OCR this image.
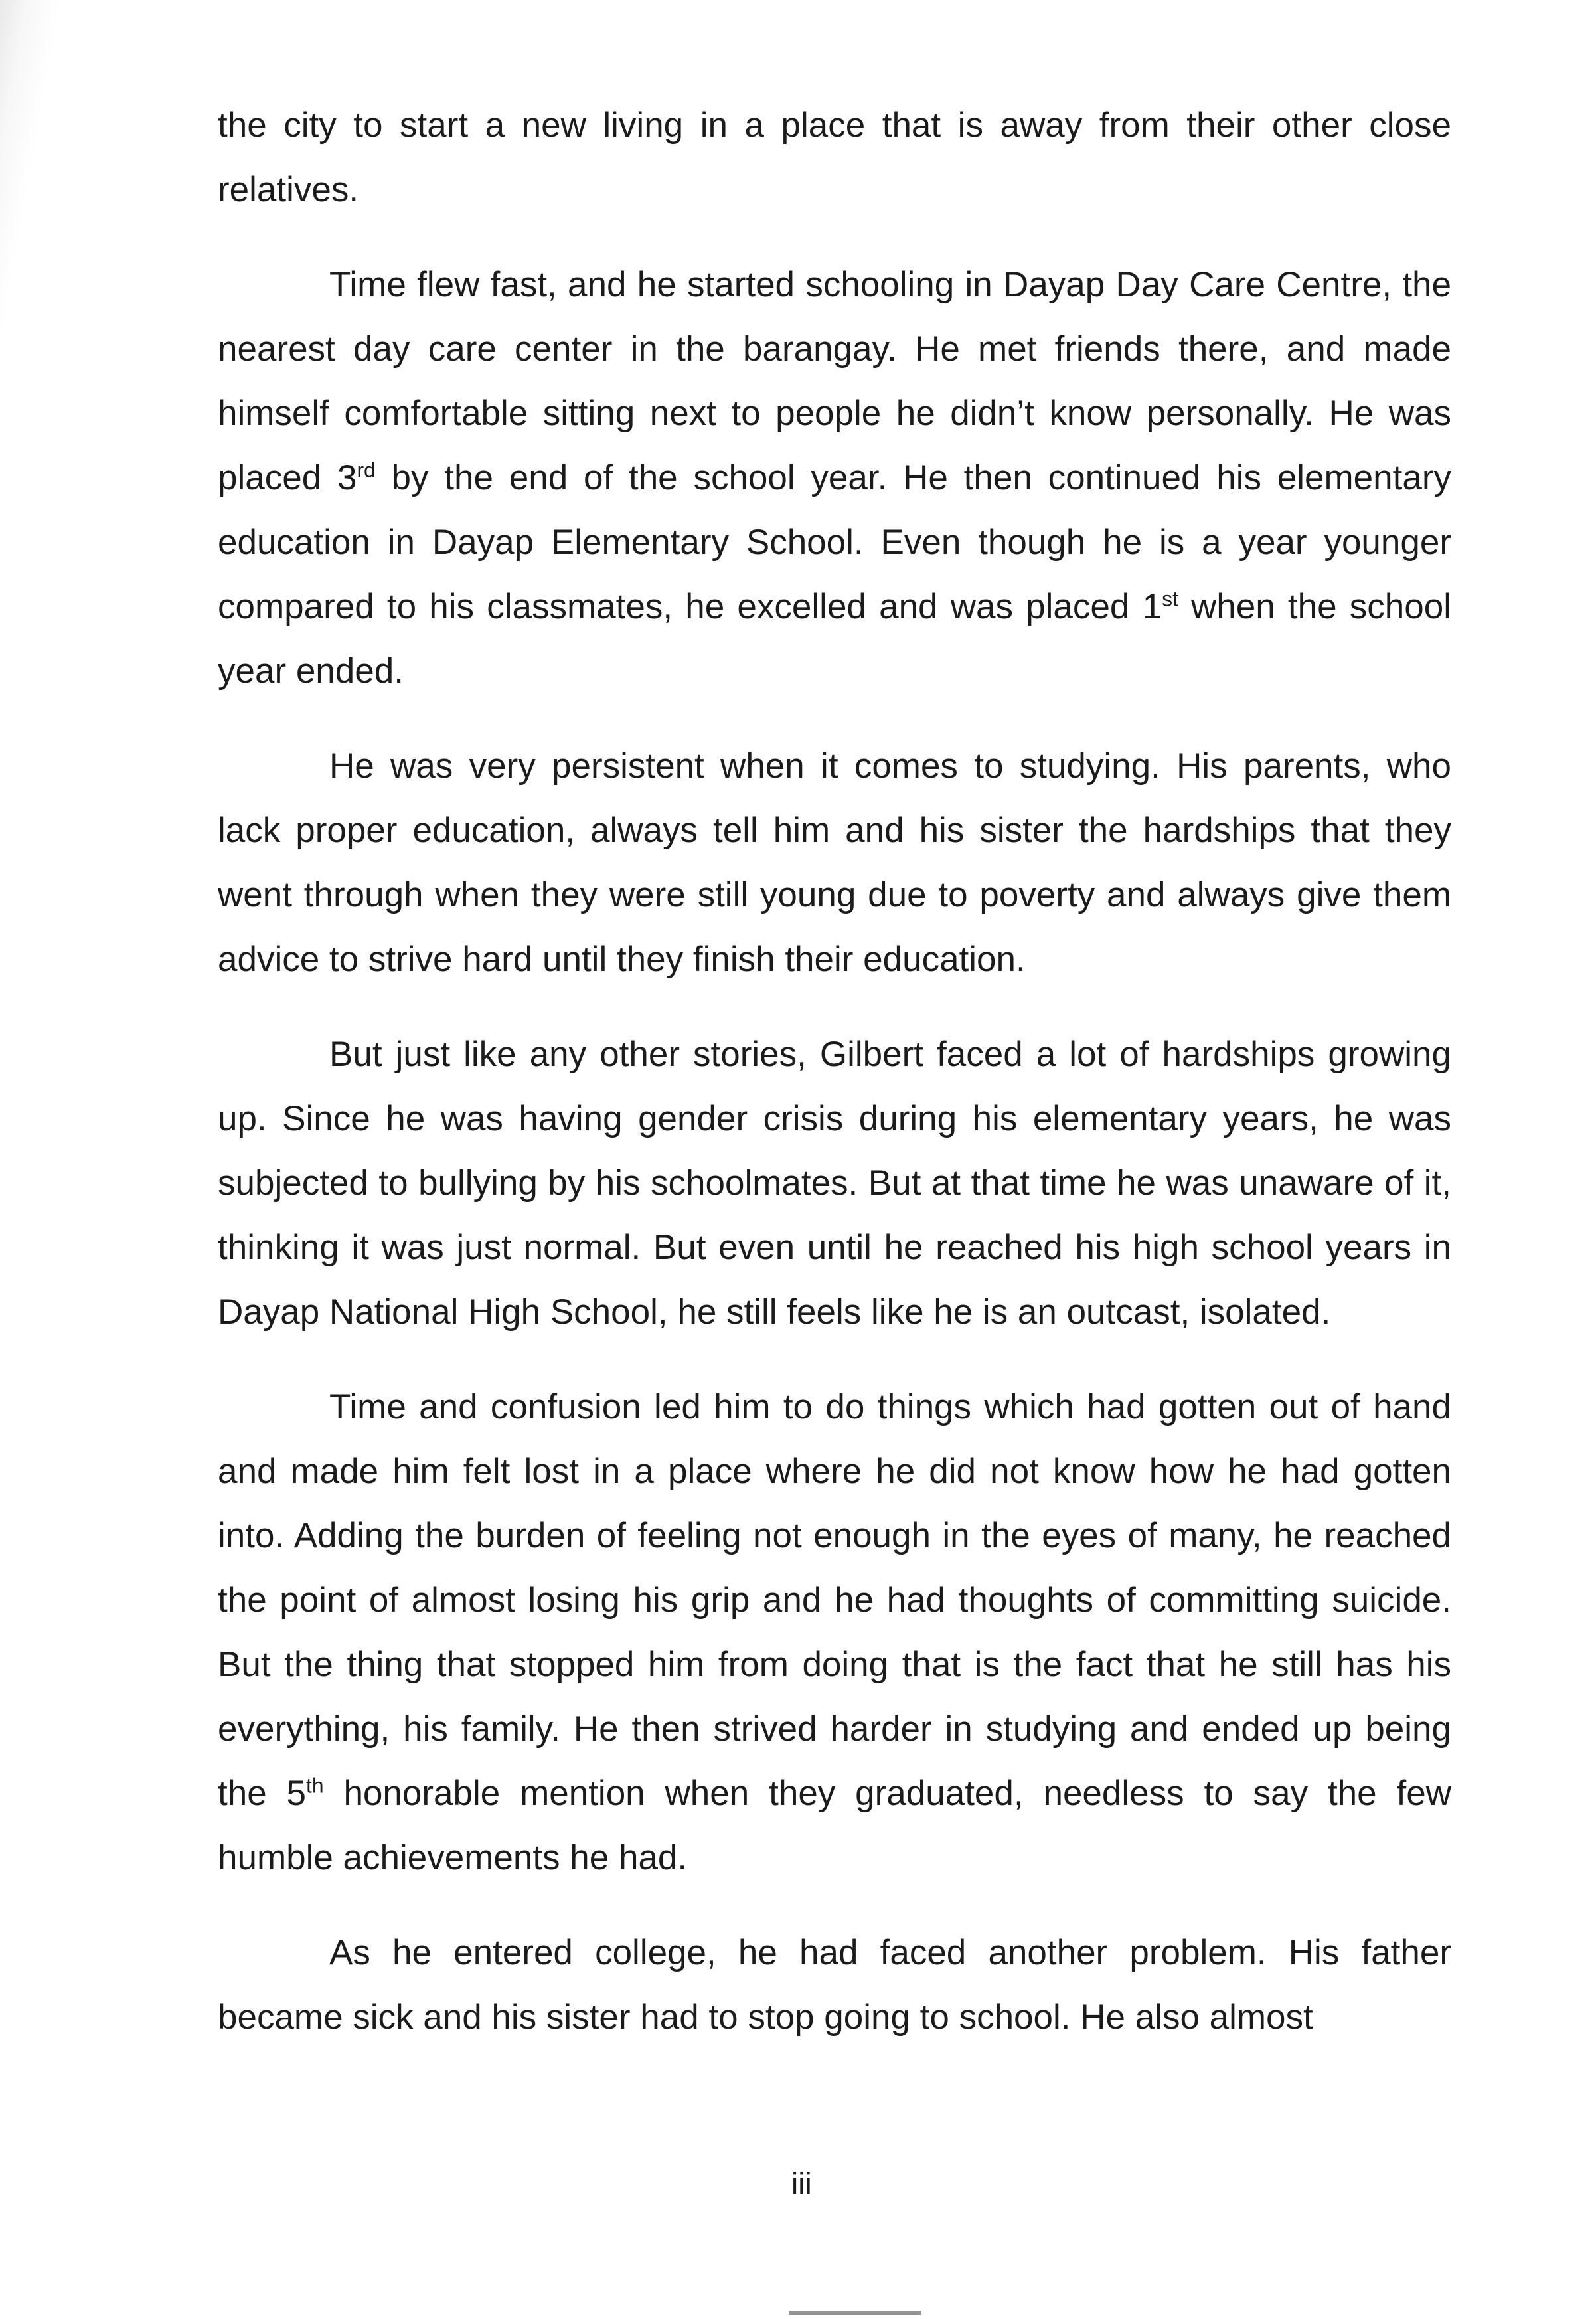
the city to start a new living in a place that is away from their other close relatives.

Time flew fast, and he started schooling in Dayap Day Care Centre, the nearest day care center in the barangay. He met friends there, and made himself comfortable sitting next to people he didn’t know personally. He was placed 3rd by the end of the school year. He then continued his elementary education in Dayap Elementary School. Even though he is a year younger compared to his classmates, he excelled and was placed 1st when the school year ended.

He was very persistent when it comes to studying. His parents, who lack proper education, always tell him and his sister the hardships that they went through when they were still young due to poverty and always give them advice to strive hard until they finish their education.

But just like any other stories, Gilbert faced a lot of hardships growing up. Since he was having gender crisis during his elementary years, he was subjected to bullying by his schoolmates. But at that time he was unaware of it, thinking it was just normal. But even until he reached his high school years in Dayap National High School, he still feels like he is an outcast, isolated.

Time and confusion led him to do things which had gotten out of hand and made him felt lost in a place where he did not know how he had gotten into. Adding the burden of feeling not enough in the eyes of many, he reached the point of almost losing his grip and he had thoughts of committing suicide. But the thing that stopped him from doing that is the fact that he still has his everything, his family. He then strived harder in studying and ended up being the 5th honorable mention when they graduated, needless to say the few humble achievements he had.

As he entered college, he had faced another problem. His father became sick and his sister had to stop going to school. He also almost

iii
